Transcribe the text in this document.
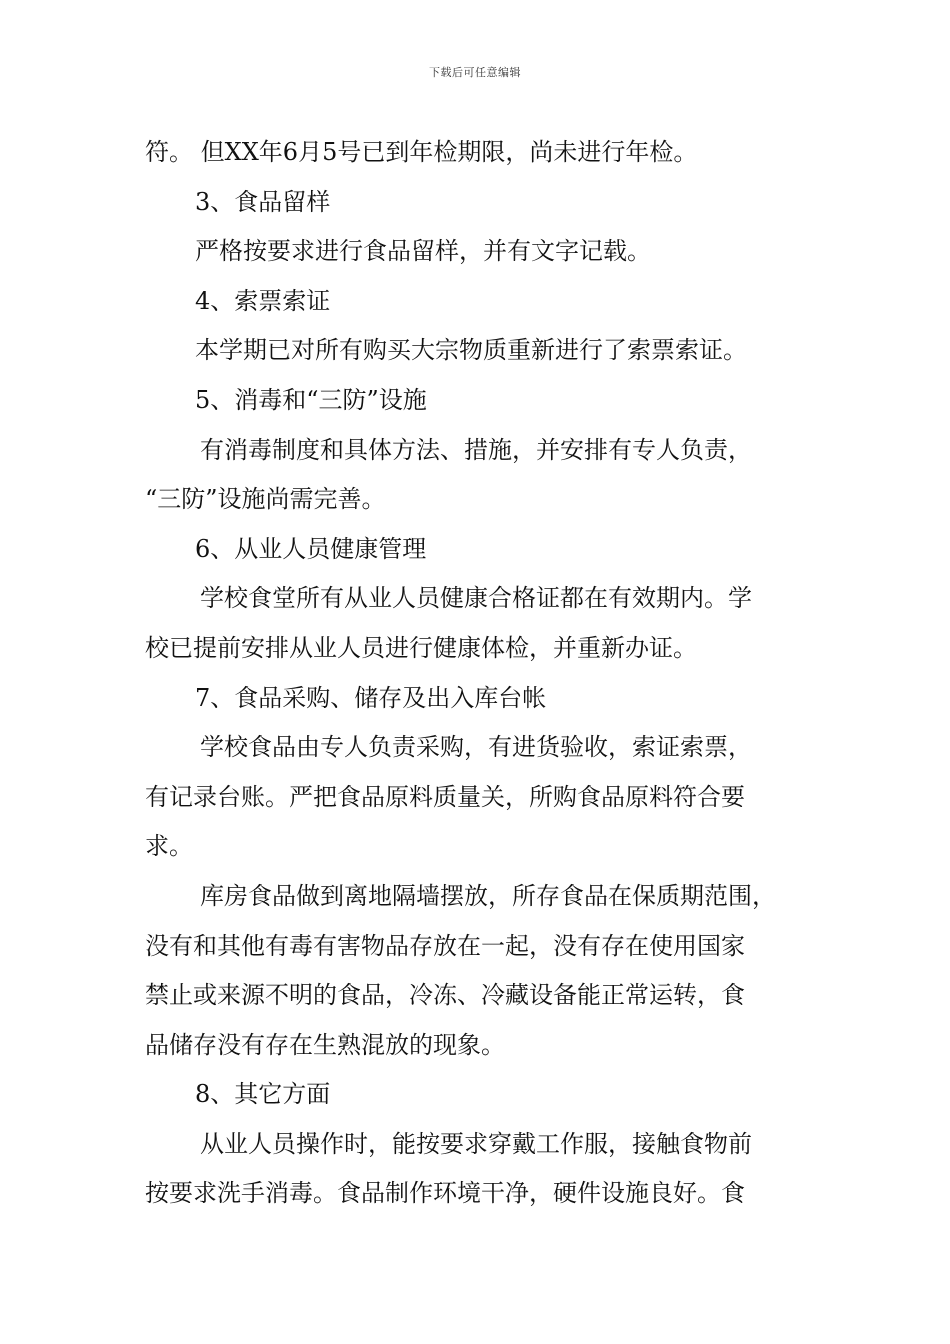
下载后可任意编辑
符。 但XX年6月5号已到年检期限，尚未进行年检。
3、食品留样
严格按要求进行食品留样，并有文字记载。
4、索票索证
本学期已对所有购买大宗物质重新进行了索票索证。
5、消毒和“三防”设施
有消毒制度和具体方法、措施，并安排有专人负责，
“三防”设施尚需完善。
6、从业人员健康管理
学校食堂所有从业人员健康合格证都在有效期内。学
校已提前安排从业人员进行健康体检，并重新办证。
7、食品采购、储存及出入库台帐
学校食品由专人负责采购，有进货验收，索证索票，
有记录台账。严把食品原料质量关，所购食品原料符合要
求。
库房食品做到离地隔墙摆放，所存食品在保质期范围，
没有和其他有毒有害物品存放在一起，没有存在使用国家
禁止或来源不明的食品，冷冻、冷藏设备能正常运转，食
品储存没有存在生熟混放的现象。
8、其它方面
从业人员操作时，能按要求穿戴工作服，接触食物前
按要求洗手消毒。食品制作环境干净，硬件设施良好。食
